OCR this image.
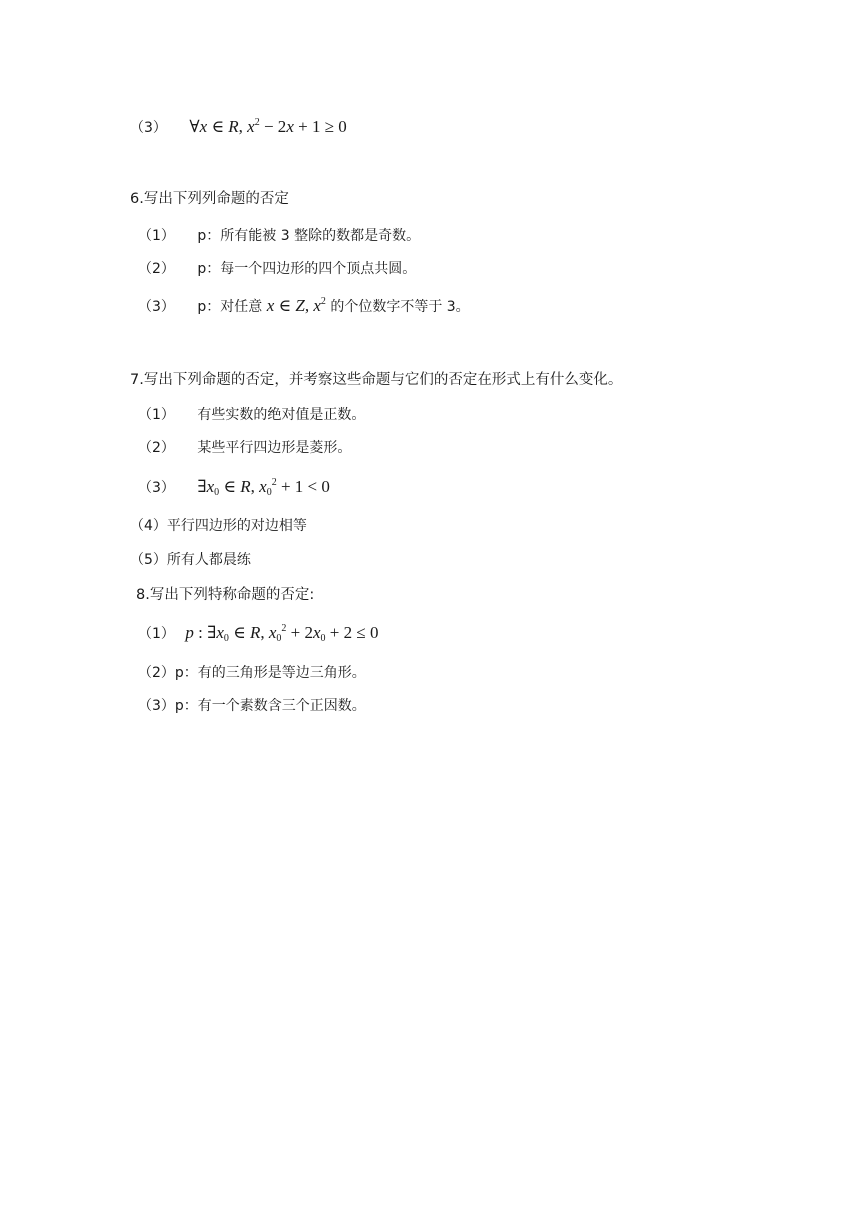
（3） ∀x ∈ R, $x^2 - 2x + 1 \ge 0$
6.写出下列列命题的否定
（1） p：所有能被 3 整除的数都是奇数。
（2） p：每一个四边形的四个顶点共圆。
（3） p：对任意 x ∈ Z, $x^2$ 的个位数字不等于 3。
7.写出下列命题的否定，并考察这些命题与它们的否定在形式上有什么变化。
（1） 有些实数的绝对值是正数。
（2） 某些平行四边形是菱形。
（3） $\exists x_0$ ∈ R, $x_0^2 + 1 < 0$
（4）平行四边形的对边相等
（5）所有人都晨练
8.写出下列特称命题的否定:
（1） p : $\exists x_0$ ∈ R, $x_0^2 + 2x_0 + 2 \le 0$
（2）p：有的三角形是等边三角形。
（3）p：有一个素数含三个正因数。
